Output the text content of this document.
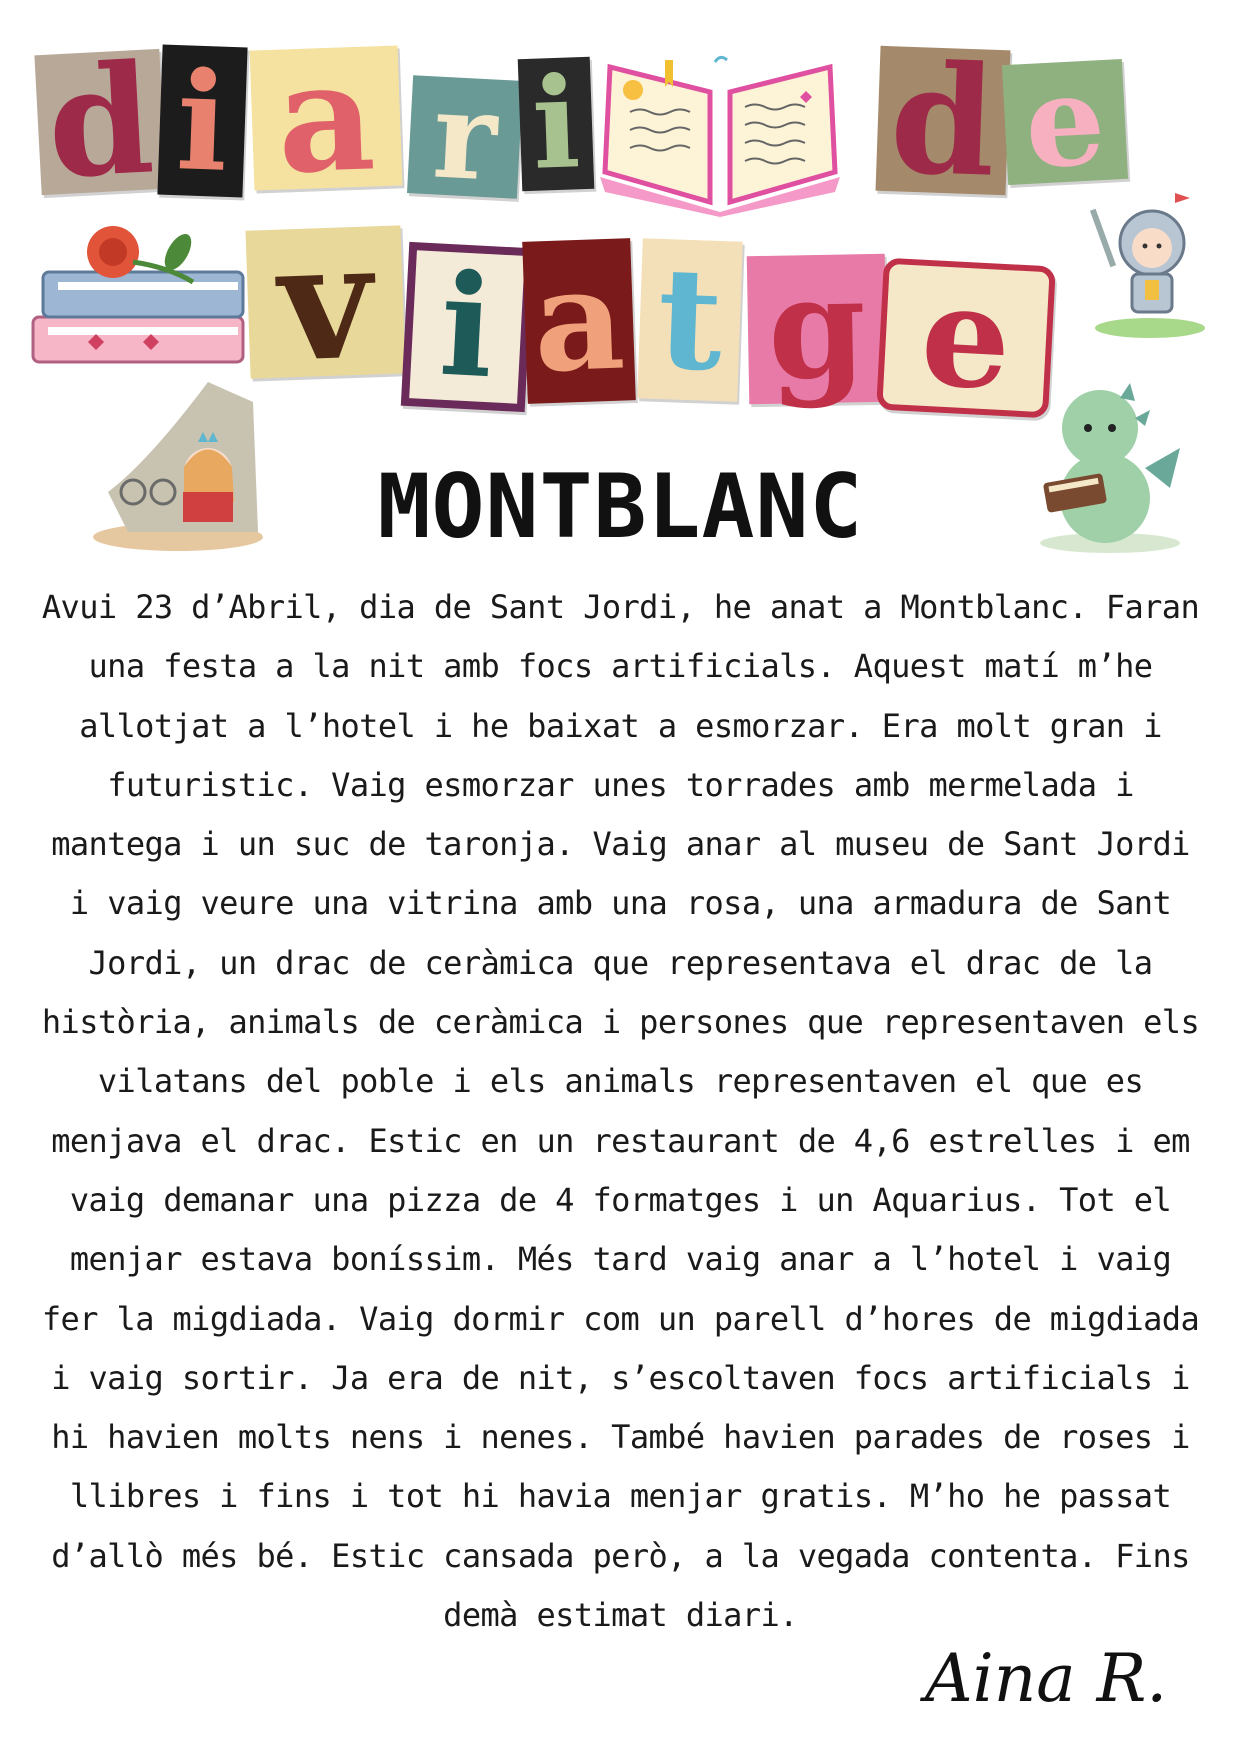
d i a r i d e
v i a t g e
MONTBLANC
Avui 23 d’Abril, dia de Sant Jordi, he anat a Montblanc. Faran una festa a la nit amb focs artificials. Aquest matí m’he allotjat a l’hotel i he baixat a esmorzar. Era molt gran i futuristic. Vaig esmorzar unes torrades amb mermelada i mantega i un suc de taronja. Vaig anar al museu de Sant Jordi i vaig veure una vitrina amb una rosa, una armadura de Sant Jordi, un drac de ceràmica que representava el drac de la història, animals de ceràmica i persones que representaven els vilatans del poble i els animals representaven el que es menjava el drac. Estic en un restaurant de 4,6 estrelles i em vaig demanar una pizza de 4 formatges i un Aquarius. Tot el menjar estava boníssim. Més tard vaig anar a l’hotel i vaig fer la migdiada. Vaig dormir com un parell d’hores de migdiada i vaig sortir. Ja era de nit, s’escoltaven focs artificials i hi havien molts nens i nenes. També havien parades de roses i llibres i fins i tot hi havia menjar gratis. M’ho he passat d’allò més bé. Estic cansada però, a la vegada contenta. Fins demà estimat diari.
Aina R.
